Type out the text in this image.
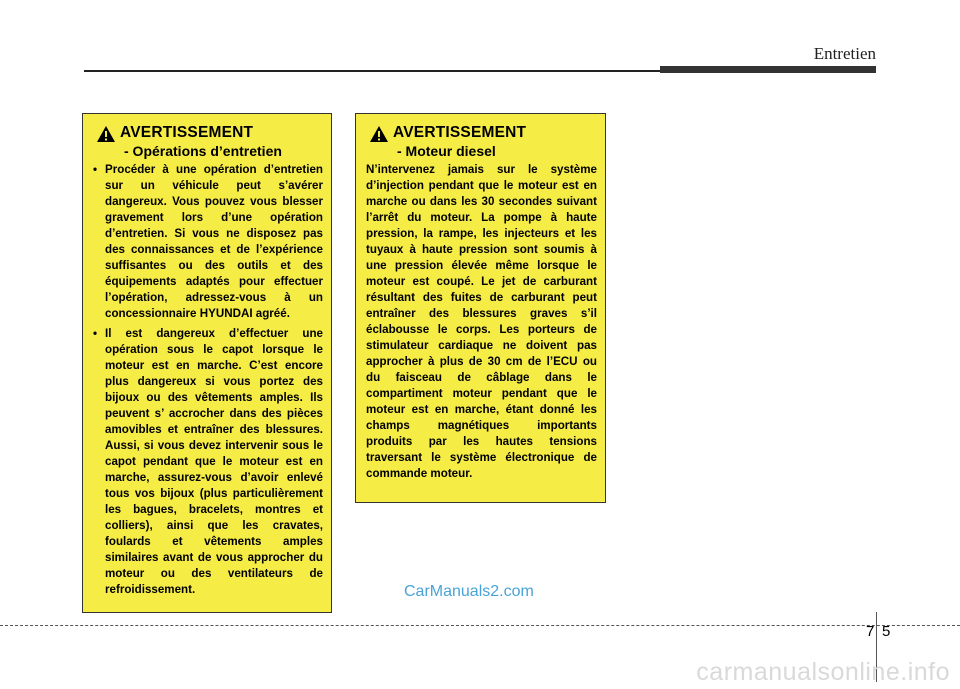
Entretien
AVERTISSEMENT
- Opérations d’entretien
• Procéder à une opération d’entretien sur un véhicule peut s’avérer dangereux. Vous pouvez vous blesser gravement lors d’une opération d’entretien. Si vous ne disposez pas des connaissances et de l’expérience suffisantes ou des outils et des équipements adaptés pour effectuer l’opération, adressez-vous à un concessionnaire HYUNDAI agréé.
• Il est dangereux d’effectuer une opération sous le capot lorsque le moteur est en marche. C’est encore plus dangereux si vous portez des bijoux ou des vêtements amples. Ils peuvent s’ accrocher dans des pièces amovibles et entraîner des blessures. Aussi, si vous devez intervenir sous le capot pendant que le moteur est en marche, assurez-vous d’avoir enlevé tous vos bijoux (plus particulièrement les bagues, bracelets, montres et colliers), ainsi que les cravates, foulards et vêtements amples similaires avant de vous approcher du moteur ou des ventilateurs de refroidissement.
AVERTISSEMENT
- Moteur diesel

N’intervenez jamais sur le système d’injection pendant que le moteur est en marche ou dans les 30 secondes suivant l’arrêt du moteur. La pompe à haute pression, la rampe, les injecteurs et les tuyaux à haute pression sont soumis à une pression élevée même lorsque le moteur est coupé. Le jet de carburant résultant des fuites de carburant peut entraîner des blessures graves s’il éclabousse le corps. Les porteurs de stimulateur cardiaque ne doivent pas approcher à plus de 30 cm de l’ECU ou du faisceau de câblage dans le compartiment moteur pendant que le moteur est en marche, étant donné les champs magnétiques importants produits par les hautes tensions traversant le système électronique de commande moteur.

CarManuals2.com
7 5
carmanualsonline.info
